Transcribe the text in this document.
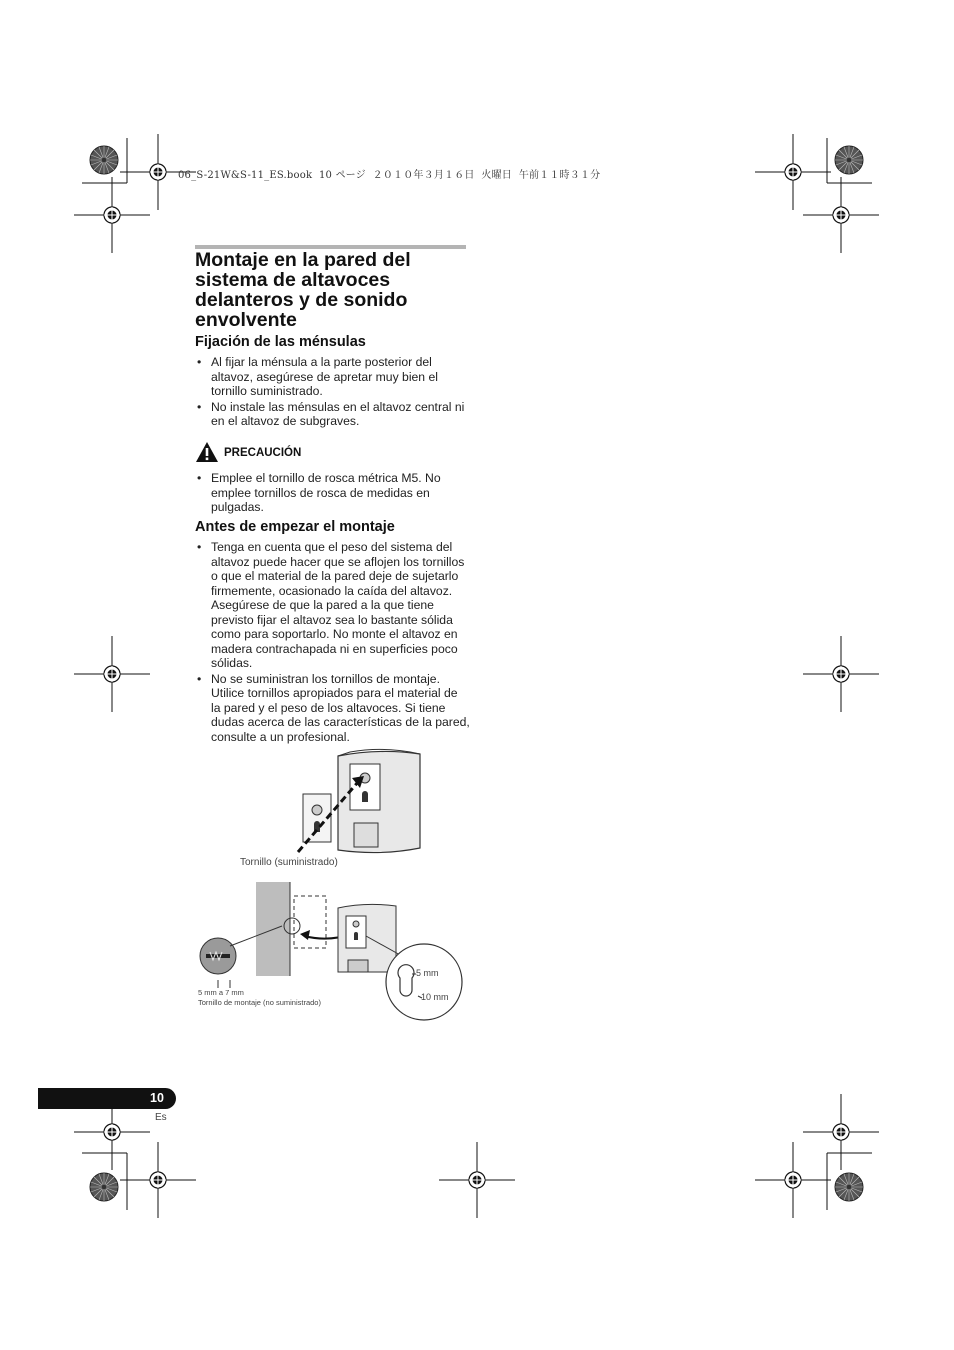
06_S-21W&S-11_ES.book  10 ページ  ２０１０年３月１６日  火曜日  午前１１時３１分
Montaje en la pared del sistema de altavoces delanteros y de sonido envolvente
Fijación de las ménsulas
• Al fijar la ménsula a la parte posterior del altavoz, asegúrese de apretar muy bien el tornillo suministrado.
• No instale las ménsulas en el altavoz central ni en el altavoz de subgraves.
PRECAUCIÓN
• Emplee el tornillo de rosca métrica M5. No emplee tornillos de rosca de medidas en pulgadas.
Antes de empezar el montaje
• Tenga en cuenta que el peso del sistema del altavoz puede hacer que se aflojen los tornillos o que el material de la pared deje de sujetarlo firmemente, ocasionado la caída del altavoz. Asegúrese de que la pared a la que tiene previsto fijar el altavoz sea lo bastante sólida como para soportarlo. No monte el altavoz en madera contrachapada ni en superficies poco sólidas.
• No se suministran los tornillos de montaje. Utilice tornillos apropiados para el material de la pared y el peso de los altavoces. Si tiene dudas acerca de las características de la pared, consulte a un profesional.
Tornillo (suministrado)
5 mm
10 mm
5 mm a 7 mm
Tornillo de montaje (no suministrado)
10
Es
